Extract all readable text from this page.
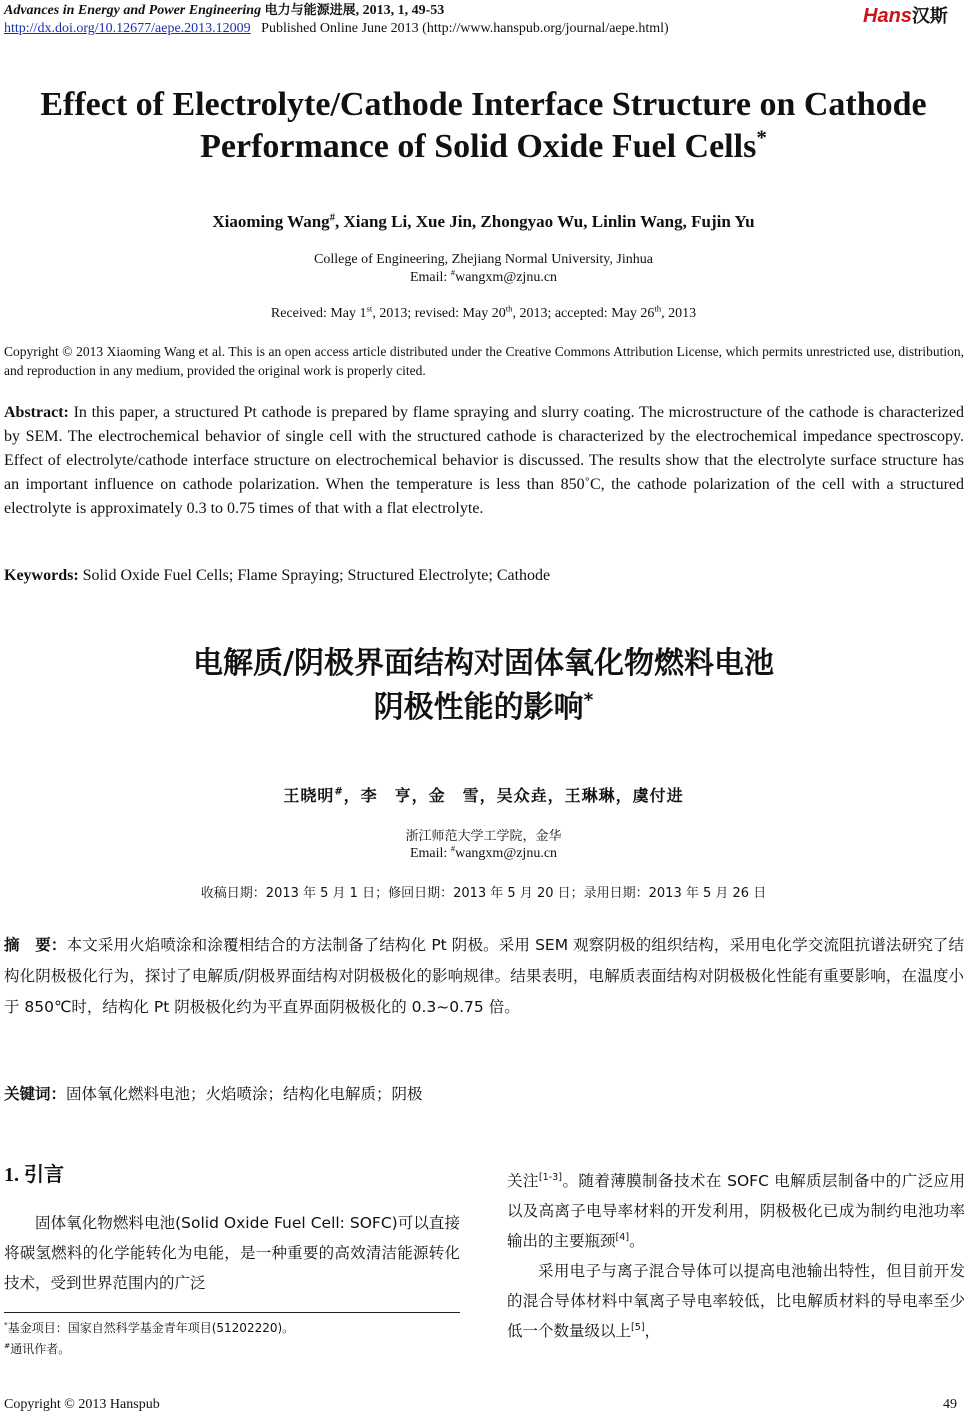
Advances in Energy and Power Engineering 电力与能源进展, 2013, 1, 49-53
http://dx.doi.org/10.12677/aepe.2013.12009 Published Online June 2013 (http://www.hanspub.org/journal/aepe.html)
Hans汉斯
Effect of Electrolyte/Cathode Interface Structure on Cathode
Performance of Solid Oxide Fuel Cells*
Xiaoming Wang#, Xiang Li, Xue Jin, Zhongyao Wu, Linlin Wang, Fujin Yu
College of Engineering, Zhejiang Normal University, Jinhua
Email: #wangxm@zjnu.cn
Received: May 1st, 2013; revised: May 20th, 2013; accepted: May 26th, 2013
Copyright © 2013 Xiaoming Wang et al. This is an open access article distributed under the Creative Commons Attribution License, which permits unrestricted use, distribution, and reproduction in any medium, provided the original work is properly cited.
Abstract: In this paper, a structured Pt cathode is prepared by flame spraying and slurry coating. The microstructure of the cathode is characterized by SEM. The electrochemical behavior of single cell with the structured cathode is characterized by the electrochemical impedance spectroscopy. Effect of electrolyte/cathode interface structure on electrochemical behavior is discussed. The results show that the electrolyte surface structure has an important influence on cathode polarization. When the temperature is less than 850˚C, the cathode polarization of the cell with a structured electrolyte is approximately 0.3 to 0.75 times of that with a flat electrolyte.
Keywords: Solid Oxide Fuel Cells; Flame Spraying; Structured Electrolyte; Cathode
电解质/阴极界面结构对固体氧化物燃料电池
阴极性能的影响*
王晓明#，李　亨，金　雪，吴众垚，王琳琳，虞付进
浙江师范大学工学院，金华
Email: #wangxm@zjnu.cn
收稿日期：2013 年 5 月 1 日；修回日期：2013 年 5 月 20 日；录用日期：2013 年 5 月 26 日
摘　要：本文采用火焰喷涂和涂覆相结合的方法制备了结构化 Pt 阴极。采用 SEM 观察阴极的组织结构，采用电化学交流阻抗谱法研究了结构化阴极极化行为，探讨了电解质/阴极界面结构对阴极极化的影响规律。结果表明，电解质表面结构对阴极极化性能有重要影响，在温度小于 850℃时，结构化 Pt 阴极极化约为平直界面阴极极化的 0.3~0.75 倍。
关键词：固体氧化燃料电池；火焰喷涂；结构化电解质；阴极
1. 引言
固体氧化物燃料电池(Solid Oxide Fuel Cell: SOFC)可以直接将碳氢燃料的化学能转化为电能，是一种重要的高效清洁能源转化技术，受到世界范围内的广泛

关注[1-3]。随着薄膜制备技术在 SOFC 电解质层制备中的广泛应用以及高离子电导率材料的开发利用，阴极极化已成为制约电池功率输出的主要瓶颈[4]。

采用电子与离子混合导体可以提高电池输出特性，但目前开发的混合导体材料中氧离子导电率较低，比电解质材料的导电率至少低一个数量级以上[5]，

*基金项目：国家自然科学基金青年项目(51202220)。
#通讯作者。
Copyright © 2013 Hanspub	49
